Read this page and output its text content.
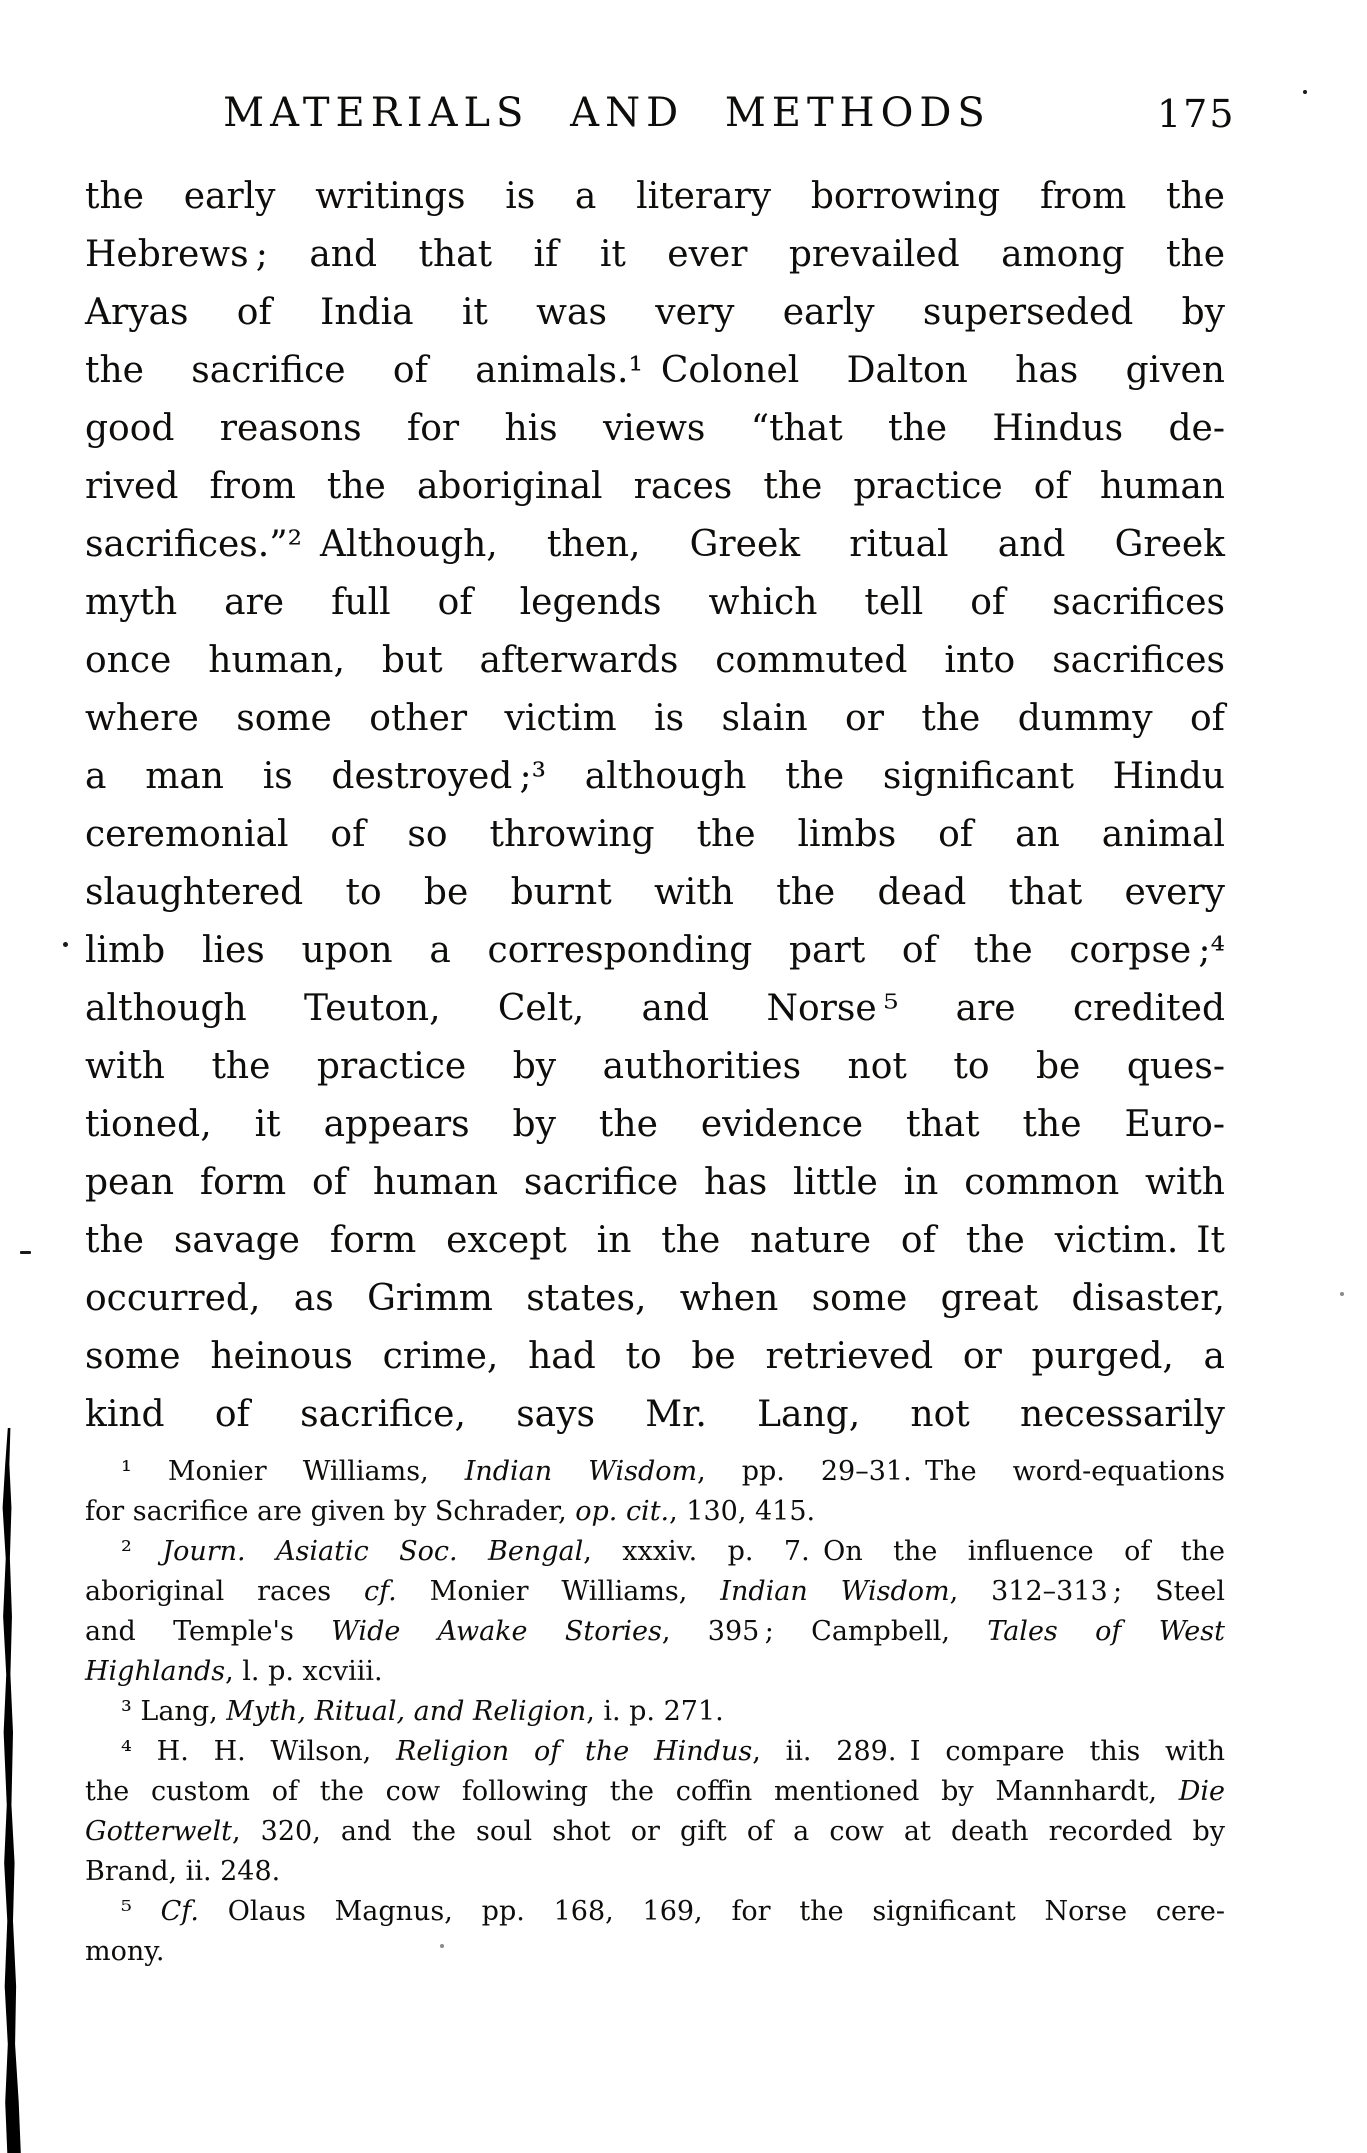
MATERIALS AND METHODS	175
the early writings is a literary borrowing from the
Hebrews ; and that if it ever prevailed among the
Aryas of India it was very early superseded by
the sacrifice of animals.¹ Colonel Dalton has given
good reasons for his views “that the Hindus de-
rived from the aboriginal races the practice of human
sacrifices.”² Although, then, Greek ritual and Greek
myth are full of legends which tell of sacrifices
once human, but afterwards commuted into sacrifices
where some other victim is slain or the dummy of
a man is destroyed ;³ although the significant Hindu
ceremonial of so throwing the limbs of an animal
slaughtered to be burnt with the dead that every
limb lies upon a corresponding part of the corpse ;⁴
although Teuton, Celt, and Norse ⁵ are credited
with the practice by authorities not to be ques-
tioned, it appears by the evidence that the Euro-
pean form of human sacrifice has little in common with
the savage form except in the nature of the victim. It
occurred, as Grimm states, when some great disaster,
some heinous crime, had to be retrieved or purged, a
kind of sacrifice, says Mr. Lang, not necessarily
¹ Monier Williams, Indian Wisdom, pp. 29–31. The word-equations
for sacrifice are given by Schrader, op. cit., 130, 415.
² Journ. Asiatic Soc. Bengal, xxxiv. p. 7. On the influence of the
aboriginal races cf. Monier Williams, Indian Wisdom, 312–313 ; Steel
and Temple's Wide Awake Stories, 395 ; Campbell, Tales of West
Highlands, l. p. xcviii.
³ Lang, Myth, Ritual, and Religion, i. p. 271.
⁴ H. H. Wilson, Religion of the Hindus, ii. 289. I compare this with
the custom of the cow following the coffin mentioned by Mannhardt, Die
Gotterwelt, 320, and the soul shot or gift of a cow at death recorded by
Brand, ii. 248.
⁵ Cf. Olaus Magnus, pp. 168, 169, for the significant Norse cere-
mony.
